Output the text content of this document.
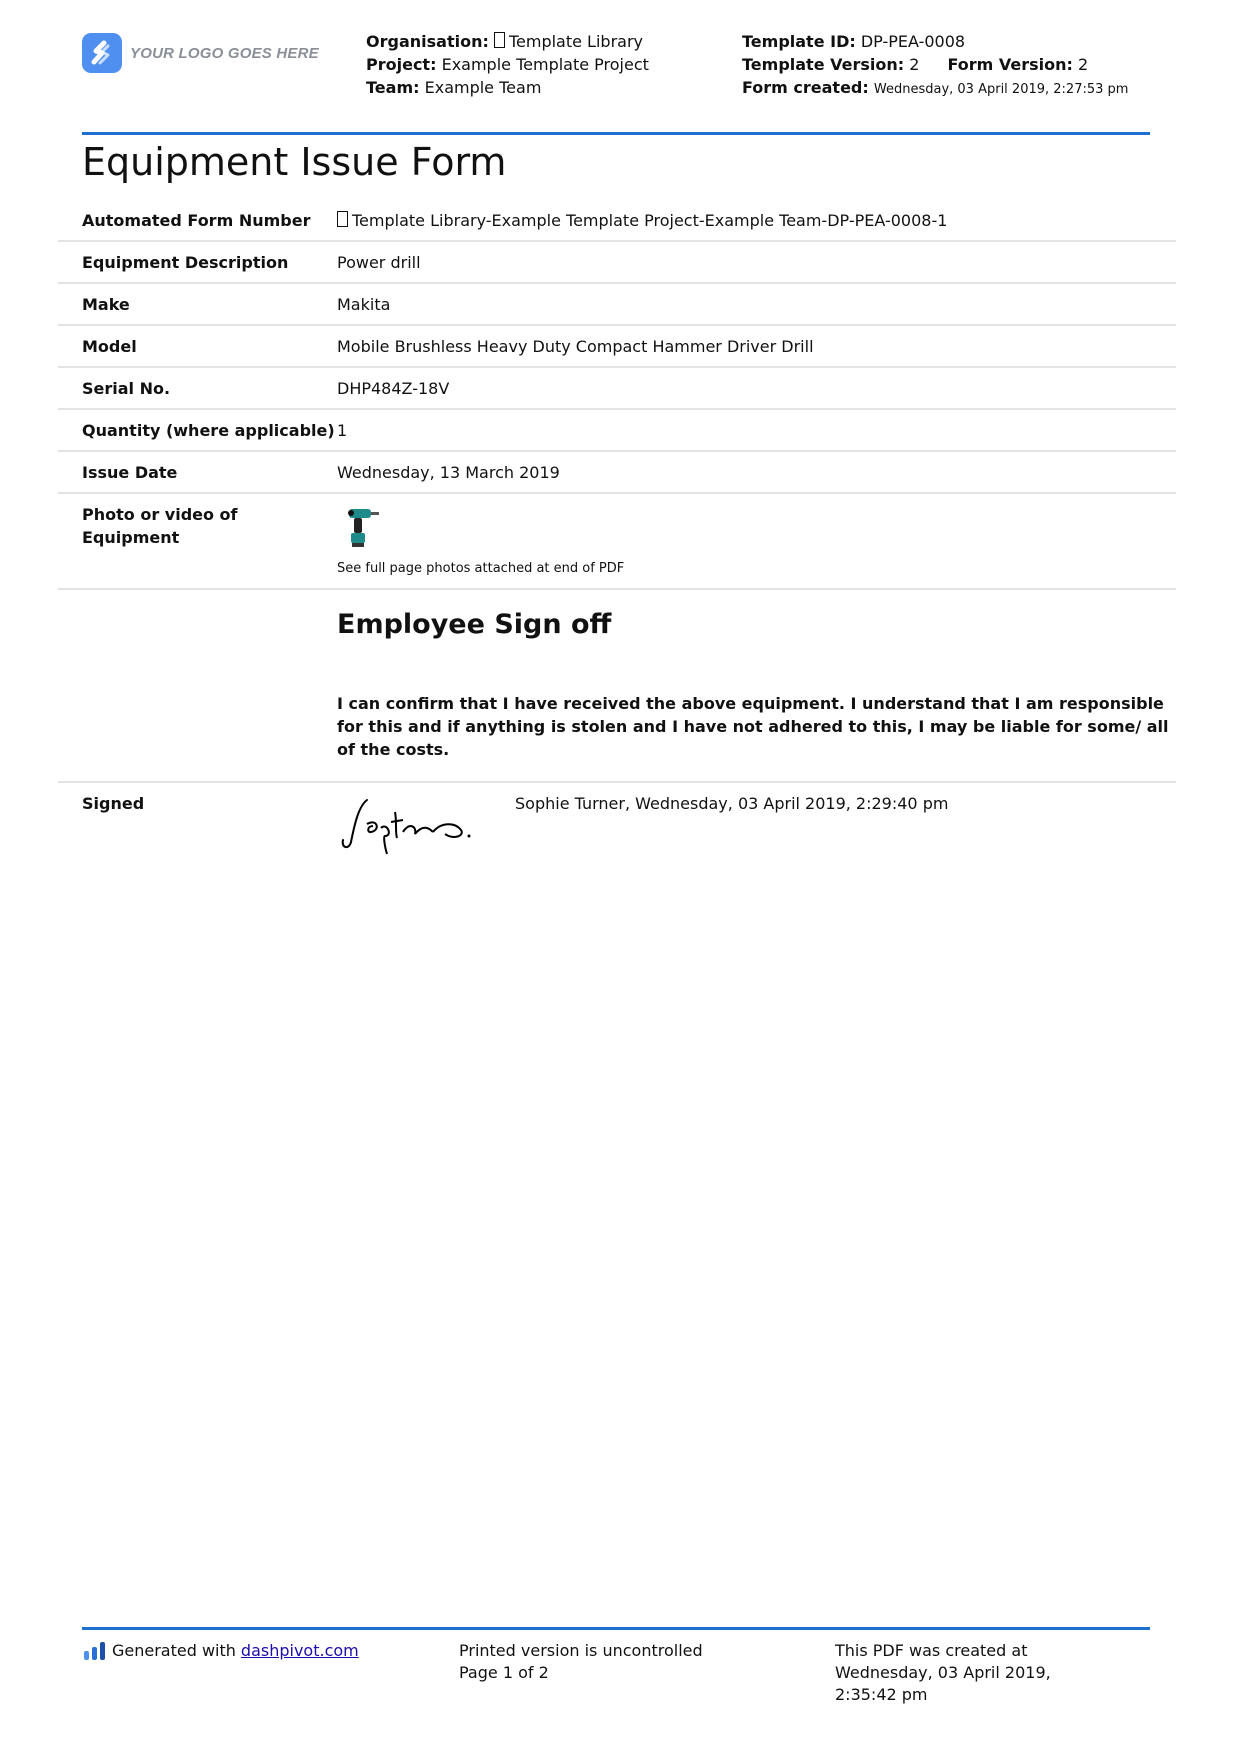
YOUR LOGO GOES HERE
Organisation: Template Library
Project: Example Template Project
Team: Example Team
Template ID: DP-PEA-0008
Template Version: 2 Form Version: 2
Form created: Wednesday, 03 April 2019, 2:27:53 pm
Equipment Issue Form
Automated Form Number	Template Library-Example Template Project-Example Team-DP-PEA-0008-1
Equipment Description	Power drill
Make	Makita
Model	Mobile Brushless Heavy Duty Compact Hammer Driver Drill
Serial No.	DHP484Z-18V
Quantity (where applicable) 1
Issue Date	Wednesday, 13 March 2019
Photo or video of Equipment
See full page photos attached at end of PDF
Employee Sign off

I can confirm that I have received the above equipment. I understand that I am responsible for this and if anything is stolen and I have not adhered to this, I may be liable for some/ all of the costs.

Signed	Sophie Turner, Wednesday, 03 April 2019, 2:29:40 pm
Generated with dashpivot.com	Printed version is uncontrolled
Page 1 of 2
This PDF was created at Wednesday, 03 April 2019, 2:35:42 pm
